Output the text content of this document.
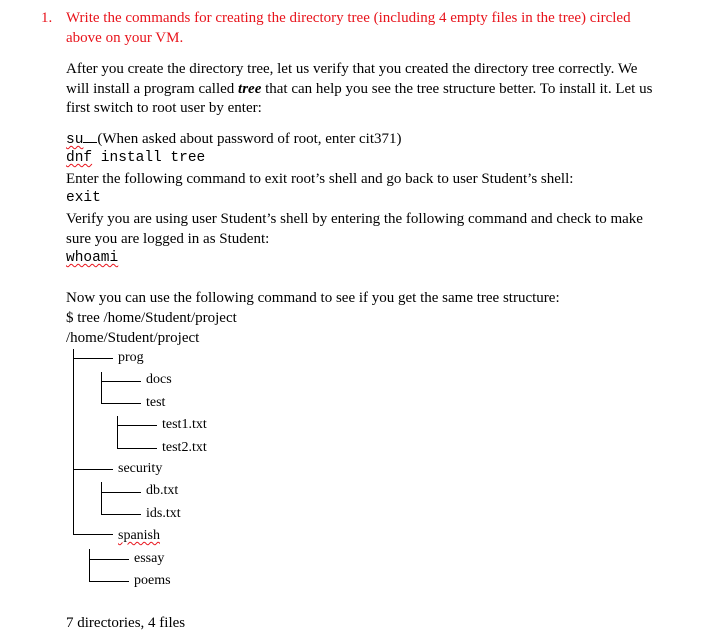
1. Write the commands for creating the directory tree (including 4 empty files in the tree) circled
above on your VM.
After you create the directory tree, let us verify that you created the directory tree correctly. We
will install a program called tree that can help you see the tree structure better. To install it. Let us
first switch to root user by enter:
su (When asked about password of root, enter cit371)
dnf install tree
Enter the following command to exit root’s shell and go back to user Student’s shell:
exit
Verify you are using user Student’s shell by entering the following command and check to make
sure you are logged in as Student:
whoami
Now you can use the following command to see if you get the same tree structure:
$ tree /home/Student/project
/home/Student/project
prog
docs
test
test1.txt
test2.txt
security
db.txt
ids.txt
spanish
essay
poems
7 directories, 4 files
